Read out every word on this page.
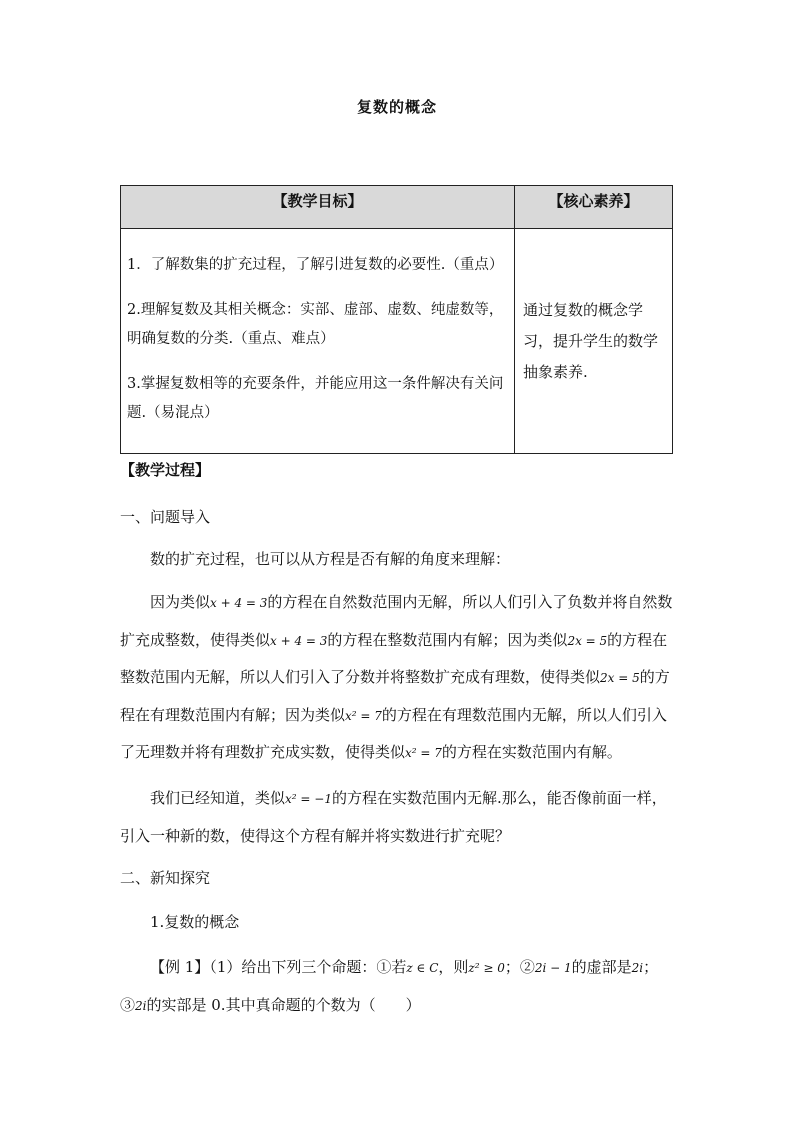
复数的概念
【教学目标】	【核心素养】

1．了解数集的扩充过程，了解引进复数的必要性.（重点）

2.理解复数及其相关概念：实部、虚部、虚数、纯虚数等，明确复数的分类.（重点、难点）

3.掌握复数相等的充要条件，并能应用这一条件解决有关问题.（易混点）	通过复数的概念学习，提升学生的数学抽象素养.
【教学过程】
一、问题导入
数的扩充过程，也可以从方程是否有解的角度来理解：
因为类似x + 4 = 3的方程在自然数范围内无解，所以人们引入了负数并将自然数扩充成整数，使得类似x + 4 = 3的方程在整数范围内有解；因为类似2x = 5的方程在整数范围内无解，所以人们引入了分数并将整数扩充成有理数，使得类似2x = 5的方程在有理数范围内有解；因为类似x² = 7的方程在有理数范围内无解，所以人们引入了无理数并将有理数扩充成实数，使得类似x² = 7的方程在实数范围内有解。
我们已经知道，类似x² = −1的方程在实数范围内无解.那么，能否像前面一样，引入一种新的数，使得这个方程有解并将实数进行扩充呢？
二、新知探究
1.复数的概念
【例 1】（1）给出下列三个命题：①若z ∈ C，则z² ≥ 0；②2i − 1的虚部是2i；③2i的实部是 0.其中真命题的个数为（　　）
